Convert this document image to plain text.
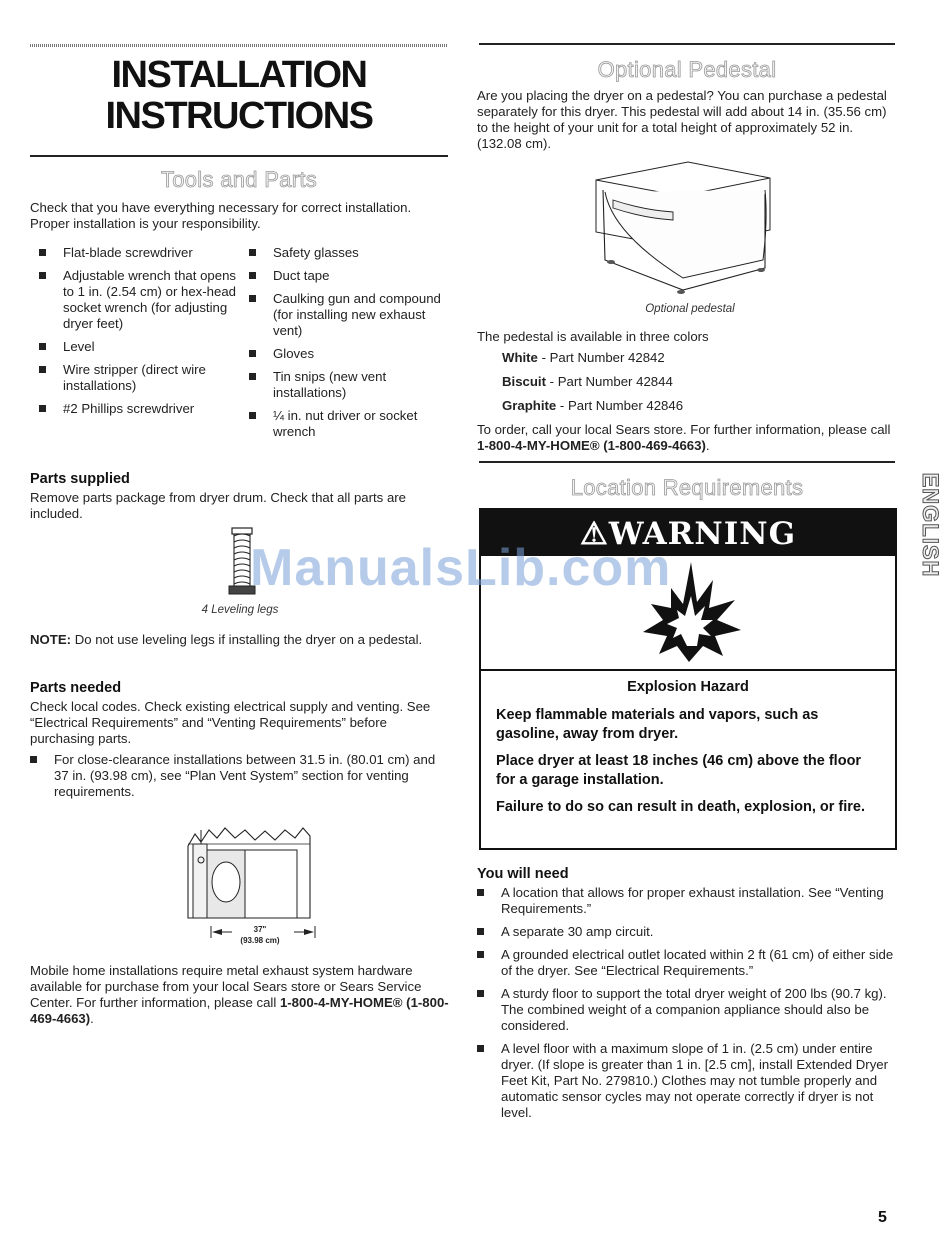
INSTALLATION
INSTRUCTIONS
Tools and Parts
Check that you have everything necessary for correct installation. Proper installation is your responsibility.
Flat-blade screwdriver
Adjustable wrench that opens to 1 in. (2.54 cm) or hex-head socket wrench (for adjusting dryer feet)
Level
Wire stripper (direct wire installations)
#2 Phillips screwdriver
Safety glasses
Duct tape
Caulking gun and compound (for installing new exhaust vent)
Gloves
Tin snips (new vent installations)
¼ in. nut driver or socket wrench
Parts supplied
Remove parts package from dryer drum. Check that all parts are included.
4 Leveling legs
NOTE: Do not use leveling legs if installing the dryer on a pedestal.
Parts needed
Check local codes. Check existing electrical supply and venting. See “Electrical Requirements” and “Venting Requirements” before purchasing parts.
For close-clearance installations between 31.5 in. (80.01 cm) and 37 in. (93.98 cm), see “Plan Vent System” section for venting requirements.
37"
(93.98 cm)
Mobile home installations require metal exhaust system hardware available for purchase from your local Sears store or Sears Service Center. For further information, please call 1-800-4-MY-HOME® (1-800-469-4663).
Optional Pedestal
Are you placing the dryer on a pedestal? You can purchase a pedestal separately for this dryer. This pedestal will add about 14 in. (35.56 cm) to the height of your unit for a total height of approximately 52 in. (132.08 cm).
Optional pedestal
The pedestal is available in three colors
White - Part Number 42842
Biscuit - Part Number 42844
Graphite - Part Number 42846
To order, call your local Sears store. For further information, please call 1-800-4-MY-HOME® (1-800-469-4663).
Location Requirements
⚠WARNING
Explosion Hazard
Keep flammable materials and vapors, such as gasoline, away from dryer.
Place dryer at least 18 inches (46 cm) above the floor for a garage installation.
Failure to do so can result in death, explosion, or fire.
ManualsLib.com
You will need
A location that allows for proper exhaust installation. See “Venting Requirements.”
A separate 30 amp circuit.
A grounded electrical outlet located within 2 ft (61 cm) of either side of the dryer. See “Electrical Requirements.”
A sturdy floor to support the total dryer weight of 200 lbs (90.7 kg). The combined weight of a companion appliance should also be considered.
A level floor with a maximum slope of 1 in. (2.5 cm) under entire dryer. (If slope is greater than 1 in. [2.5 cm], install Extended Dryer Feet Kit, Part No. 279810.) Clothes may not tumble properly and automatic sensor cycles may not operate correctly if dryer is not level.
ENGLISH
5
